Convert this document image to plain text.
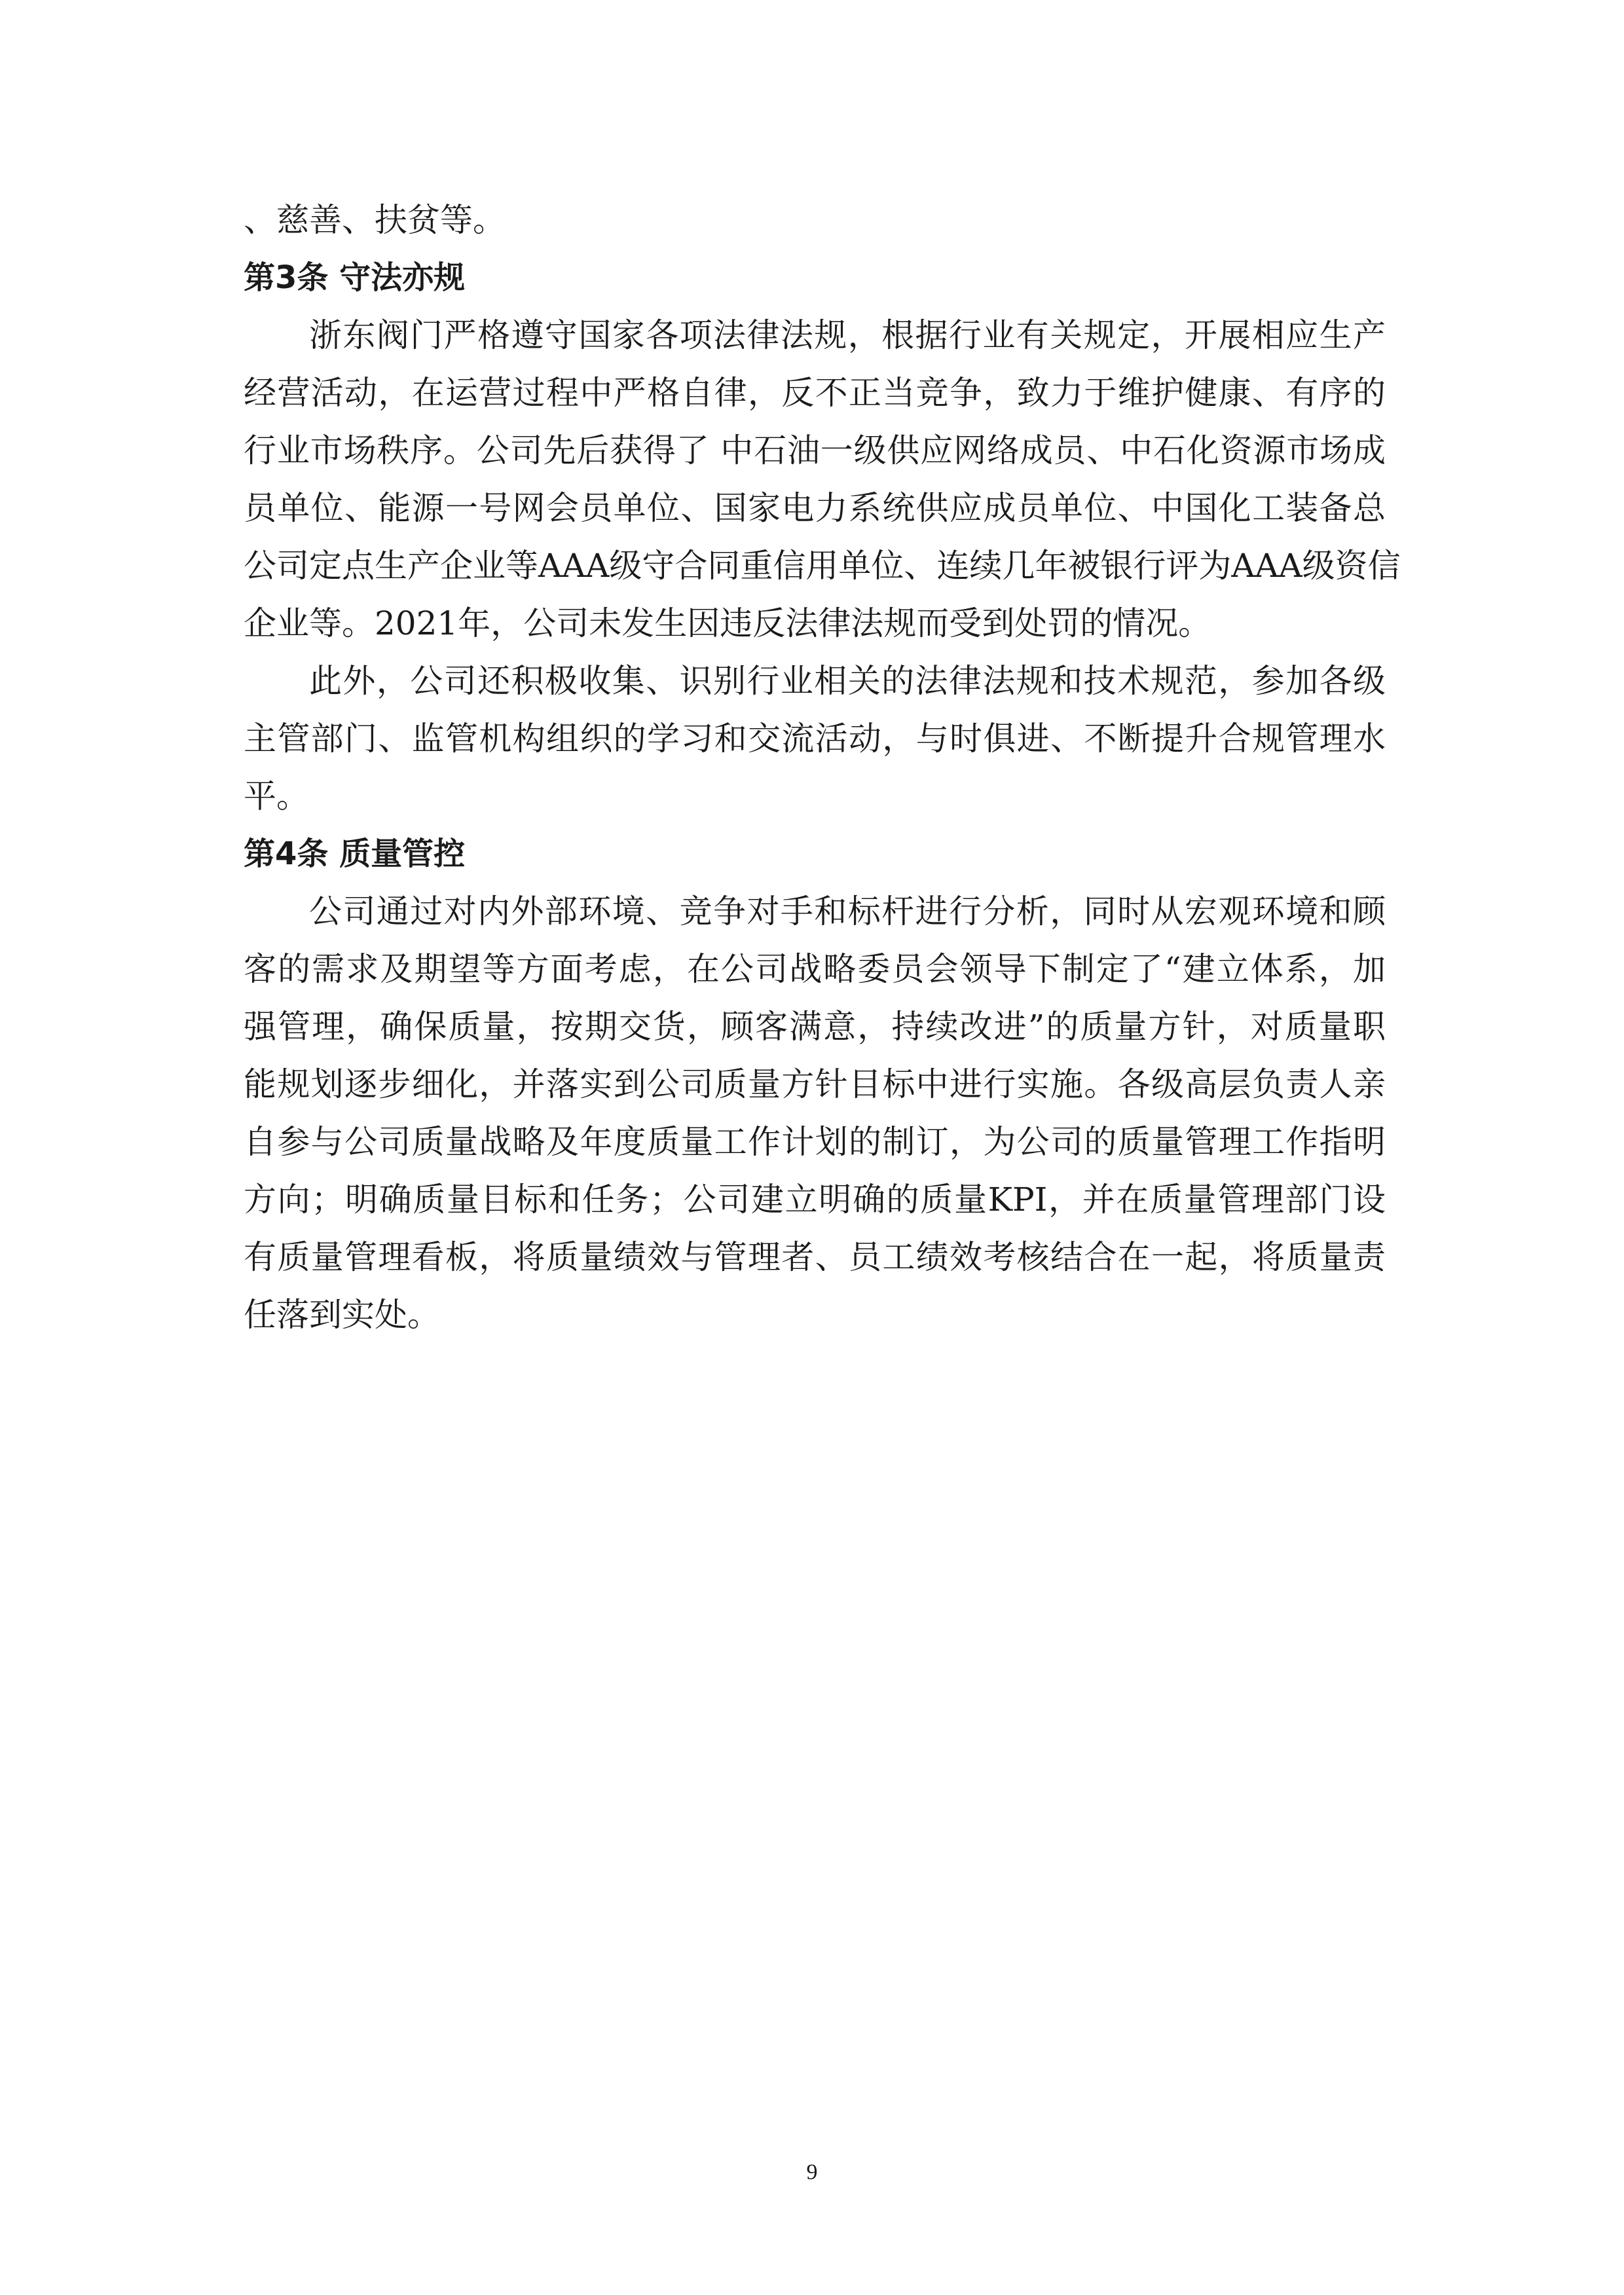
、慈善、扶贫等。

第3条 守法亦规

浙东阀门严格遵守国家各项法律法规，根据行业有关规定，开展相应生产

经营活动，在运营过程中严格自律，反不正当竞争，致力于维护健康、有序的

行业市场秩序。公司先后获得了 中石油一级供应网络成员、中石化资源市场成

员单位、能源一号网会员单位、国家电力系统供应成员单位、中国化工装备总

公司定点生产企业等AAA级守合同重信用单位、连续几年被银行评为AAA级资信

企业等。2021年，公司未发生因违反法律法规而受到处罚的情况。

此外，公司还积极收集、识别行业相关的法律法规和技术规范，参加各级

主管部门、监管机构组织的学习和交流活动，与时俱进、不断提升合规管理水

平。

第4条 质量管控

公司通过对内外部环境、竞争对手和标杆进行分析，同时从宏观环境和顾

客的需求及期望等方面考虑，在公司战略委员会领导下制定了“建立体系，加

强管理，确保质量，按期交货，顾客满意，持续改进”的质量方针，对质量职

能规划逐步细化，并落实到公司质量方针目标中进行实施。各级高层负责人亲

自参与公司质量战略及年度质量工作计划的制订，为公司的质量管理工作指明

方向；明确质量目标和任务；公司建立明确的质量KPI，并在质量管理部门设

有质量管理看板，将质量绩效与管理者、员工绩效考核结合在一起，将质量责

任落到实处。

9
